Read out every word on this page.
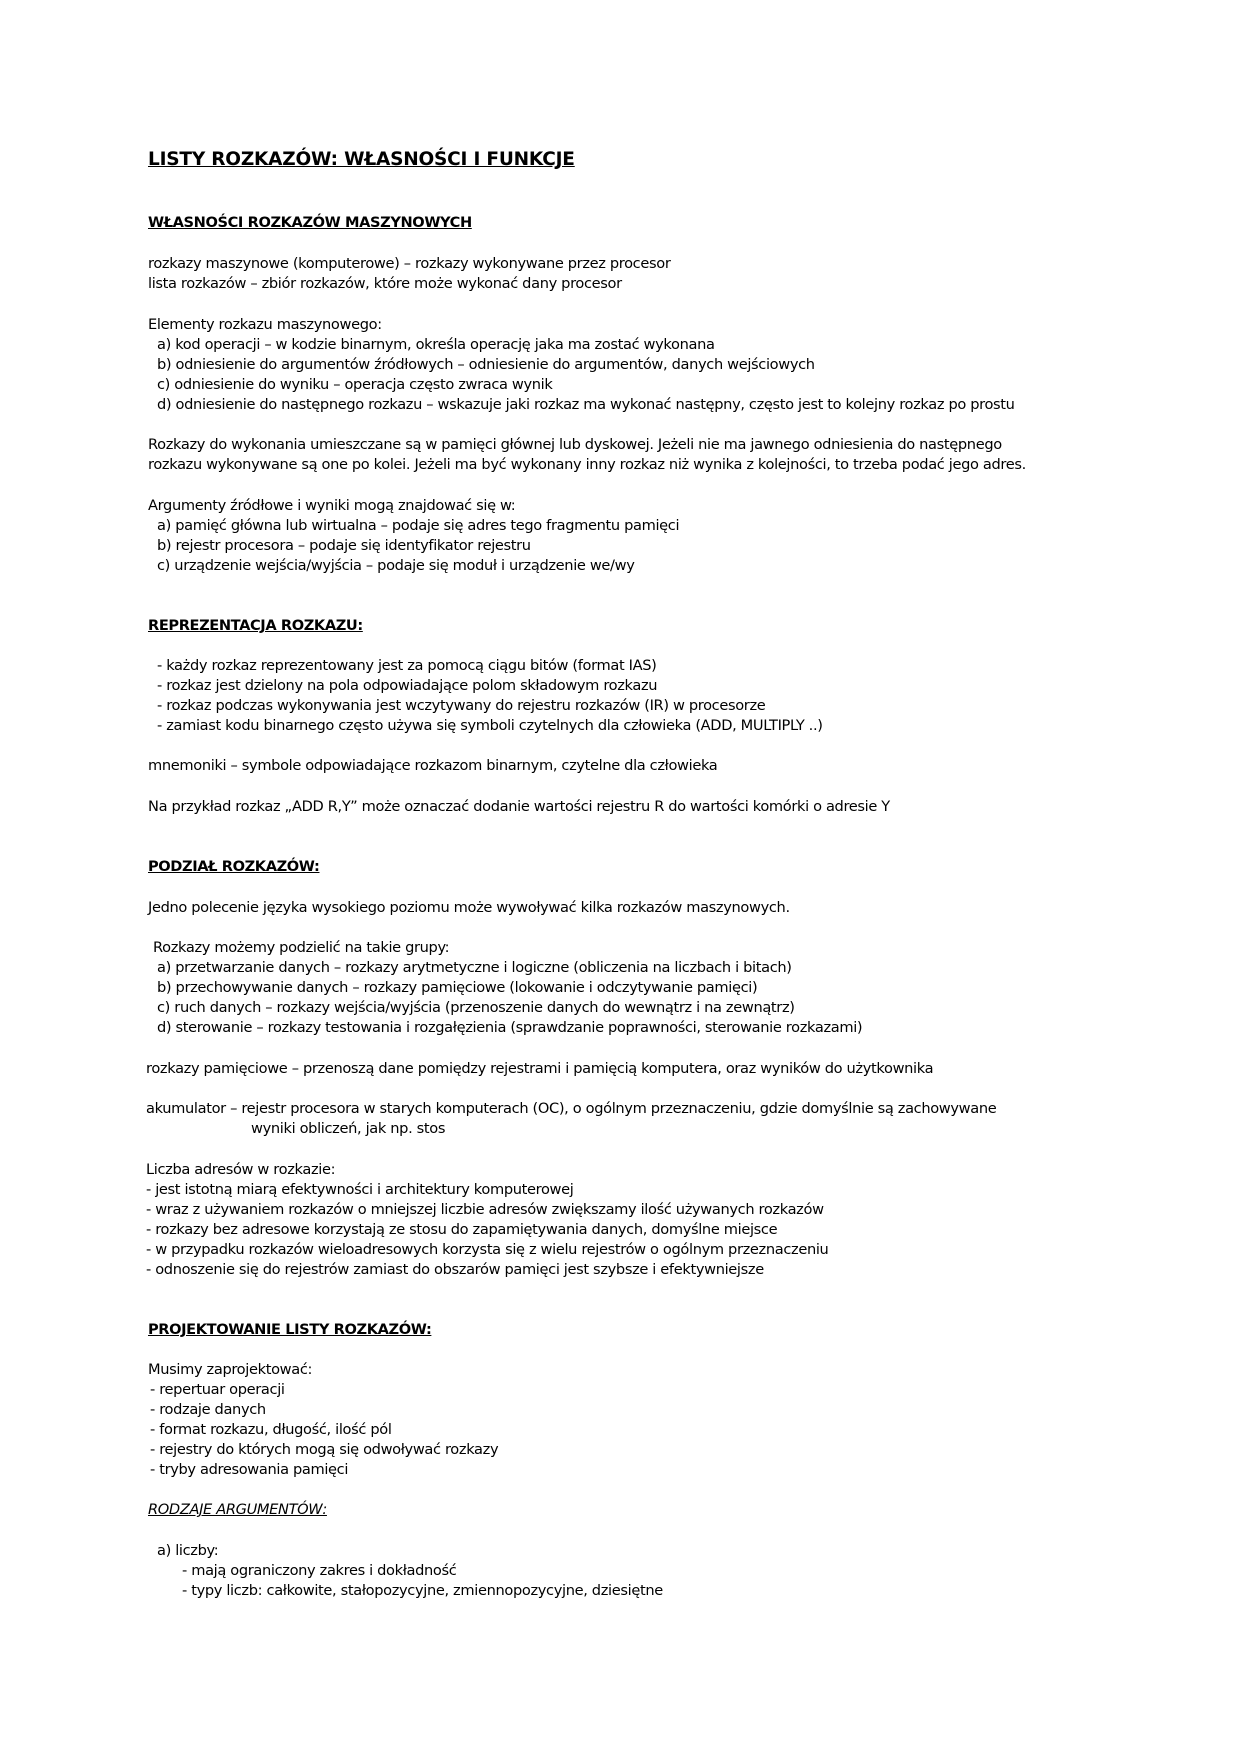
LISTY ROZKAZÓW: WŁASNOŚCI I FUNKCJE
WŁASNOŚCI ROZKAZÓW MASZYNOWYCH
rozkazy maszynowe (komputerowe) – rozkazy wykonywane przez procesor
lista rozkazów – zbiór rozkazów, które może wykonać dany procesor
Elementy rozkazu maszynowego:
a) kod operacji – w kodzie binarnym, określa operację jaka ma zostać wykonana
b) odniesienie do argumentów źródłowych – odniesienie do argumentów, danych wejściowych
c) odniesienie do wyniku – operacja często zwraca wynik
d) odniesienie do następnego rozkazu – wskazuje jaki rozkaz ma wykonać następny, często jest to kolejny rozkaz po prostu
Rozkazy do wykonania umieszczane są w pamięci głównej lub dyskowej. Jeżeli nie ma jawnego odniesienia do następnego
rozkazu wykonywane są one po kolei. Jeżeli ma być wykonany inny rozkaz niż wynika z kolejności, to trzeba podać jego adres.
Argumenty źródłowe i wyniki mogą znajdować się w:
a) pamięć główna lub wirtualna – podaje się adres tego fragmentu pamięci
b) rejestr procesora – podaje się identyfikator rejestru
c) urządzenie wejścia/wyjścia – podaje się moduł i urządzenie we/wy
REPREZENTACJA ROZKAZU:
- każdy rozkaz reprezentowany jest za pomocą ciągu bitów (format IAS)
- rozkaz jest dzielony na pola odpowiadające polom składowym rozkazu
- rozkaz podczas wykonywania jest wczytywany do rejestru rozkazów (IR) w procesorze
- zamiast kodu binarnego często używa się symboli czytelnych dla człowieka (ADD, MULTIPLY ..)
mnemoniki – symbole odpowiadające rozkazom binarnym, czytelne dla człowieka
Na przykład rozkaz „ADD R,Y” może oznaczać dodanie wartości rejestru R do wartości komórki o adresie Y
PODZIAŁ ROZKAZÓW:
Jedno polecenie języka wysokiego poziomu może wywoływać kilka rozkazów maszynowych.
Rozkazy możemy podzielić na takie grupy:
a) przetwarzanie danych – rozkazy arytmetyczne i logiczne (obliczenia na liczbach i bitach)
b) przechowywanie danych – rozkazy pamięciowe (lokowanie i odczytywanie pamięci)
c) ruch danych – rozkazy wejścia/wyjścia (przenoszenie danych do wewnątrz i na zewnątrz)
d) sterowanie – rozkazy testowania i rozgałęzienia (sprawdzanie poprawności, sterowanie rozkazami)
rozkazy pamięciowe – przenoszą dane pomiędzy rejestrami i pamięcią komputera, oraz wyników do użytkownika
akumulator – rejestr procesora w starych komputerach (OC), o ogólnym przeznaczeniu, gdzie domyślnie są zachowywane
wyniki obliczeń, jak np. stos
Liczba adresów w rozkazie:
- jest istotną miarą efektywności i architektury komputerowej
- wraz z używaniem rozkazów o mniejszej liczbie adresów zwiększamy ilość używanych rozkazów
- rozkazy bez adresowe korzystają ze stosu do zapamiętywania danych, domyślne miejsce
- w przypadku rozkazów wieloadresowych korzysta się z wielu rejestrów o ogólnym przeznaczeniu
- odnoszenie się do rejestrów zamiast do obszarów pamięci jest szybsze i efektywniejsze
PROJEKTOWANIE LISTY ROZKAZÓW:
Musimy zaprojektować:
- repertuar operacji
- rodzaje danych
- format rozkazu, długość, ilość pól
- rejestry do których mogą się odwoływać rozkazy
- tryby adresowania pamięci
RODZAJE ARGUMENTÓW:
a) liczby:
- mają ograniczony zakres i dokładność
- typy liczb: całkowite, stałopozycyjne, zmiennopozycyjne, dziesiętne
